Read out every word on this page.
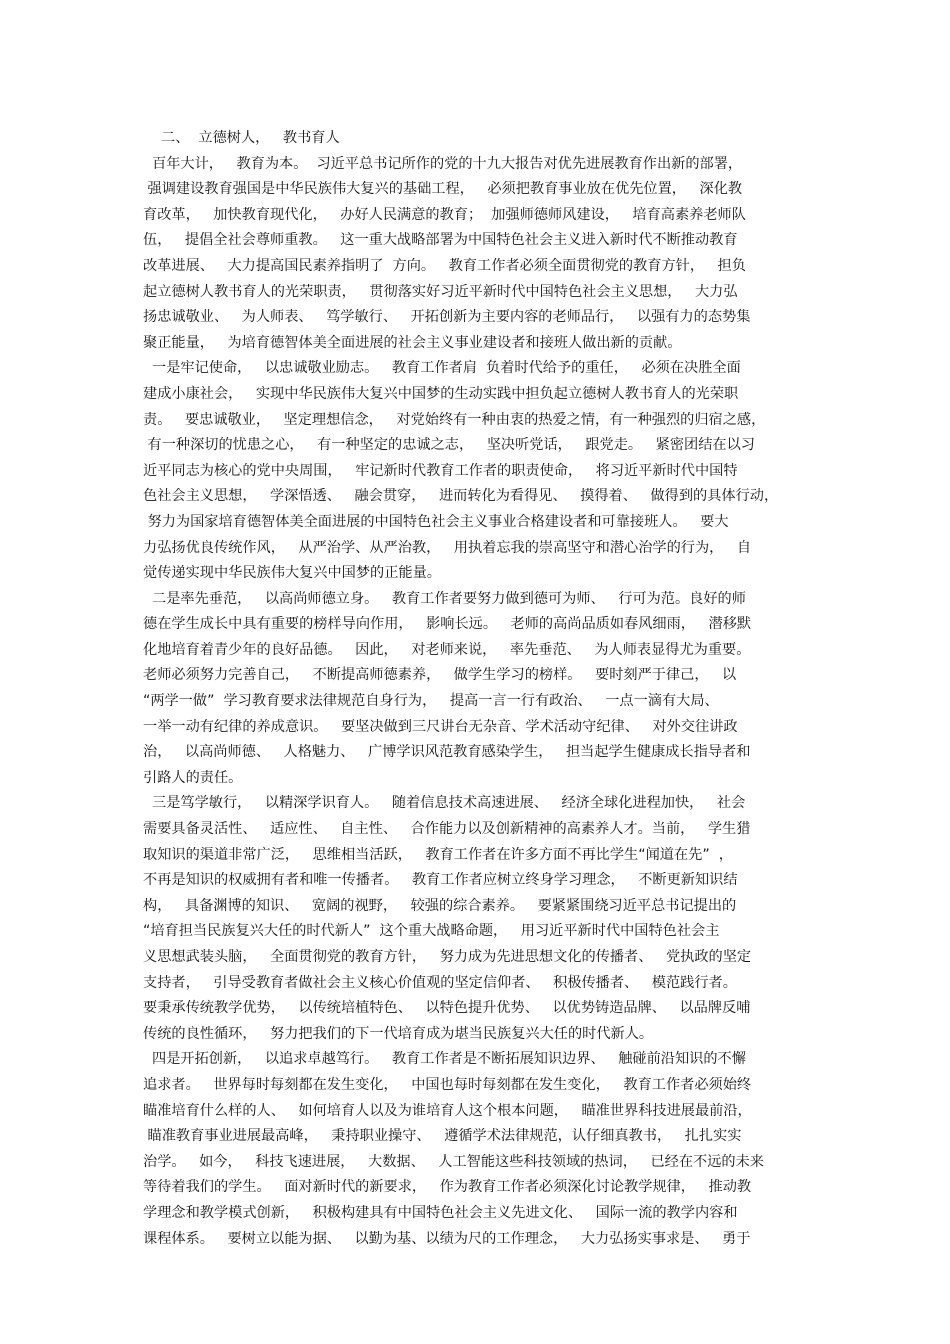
二、  立德树人，   教书育人
百年大计，   教育为本。  习近平总书记所作的党的十九大报告对优先进展教育作出新的部署，
强调建设教育强国是中华民族伟大复兴的基础工程，   必须把教育事业放在优先位置，   深化教
育改革，   加快教育现代化，   办好人民满意的教育；  加强师德师风建设，   培育高素养老师队
伍，   提倡全社会尊师重教。   这一重大战略部署为中国特色社会主义进入新时代不断推动教育
改革进展、   大力提高国民素养指明了  方向。   教育工作者必须全面贯彻党的教育方针，   担负
起立德树人教书育人的光荣职责，   贯彻落实好习近平新时代中国特色社会主义思想，   大力弘
扬忠诚敬业、   为人师表、   笃学敏行、   开拓创新为主要内容的老师品行，   以强有力的态势集
聚正能量，   为培育德智体美全面进展的社会主义事业建设者和接班人做出新的贡献。
一是牢记使命，   以忠诚敬业励志。   教育工作者肩  负着时代给予的重任，   必须在决胜全面
建成小康社会，   实现中华民族伟大复兴中国梦的生动实践中担负起立德树人教书育人的光荣职
责。   要忠诚敬业，   坚定理想信念，   对党始终有一种由衷的热爱之情，有一种强烈的归宿之感，
有一种深切的忧患之心，   有一种坚定的忠诚之志，   坚决听党话，   跟党走。   紧密团结在以习
近平同志为核心的党中央周围，   牢记新时代教育工作者的职责使命，   将习近平新时代中国特
色社会主义思想，   学深悟透、   融会贯穿，   进而转化为看得见、   摸得着、   做得到的具体行动，
努力为国家培育德智体美全面进展的中国特色社会主义事业合格建设者和可靠接班人。   要大
力弘扬优良传统作风，   从严治学、从严治教，   用执着忘我的崇高坚守和潜心治学的行为，   自
觉传递实现中华民族伟大复兴中国梦的正能量。
二是率先垂范，   以高尚师德立身。   教育工作者要努力做到德可为师、   行可为范。良好的师
德在学生成长中具有重要的榜样导向作用，   影响长远。   老师的高尚品质如春风细雨，   潜移默
化地培育着青少年的良好品德。   因此，   对老师来说，   率先垂范、   为人师表显得尤为重要。
老师必须努力完善自己，   不断提高师德素养，   做学生学习的榜样。   要时刻严于律己，   以
“两学一做”  学习教育要求法律规范自身行为，   提高一言一行有政治、   一点一滴有大局、
一举一动有纪律的养成意识。   要坚决做到三尺讲台无杂音、学术活动守纪律、   对外交往讲政
治，   以高尚师德、   人格魅力、   广博学识风范教育感染学生，   担当起学生健康成长指导者和
引路人的责任。
三是笃学敏行，   以精深学识育人。   随着信息技术高速进展、   经济全球化进程加快，   社会
需要具备灵活性、   适应性、   自主性、   合作能力以及创新精神的高素养人才。当前，   学生猎
取知识的渠道非常广泛，   思维相当活跃，   教育工作者在许多方面不再比学生“闻道在先”  ，
不再是知识的权威拥有者和唯一传播者。   教育工作者应树立终身学习理念，   不断更新知识结
构，   具备渊博的知识、   宽阔的视野，   较强的综合素养。   要紧紧围绕习近平总书记提出的
“培育担当民族复兴大任的时代新人”  这个重大战略命题，   用习近平新时代中国特色社会主
义思想武装头脑，   全面贯彻党的教育方针，   努力成为先进思想文化的传播者、   党执政的坚定
支持者，   引导受教育者做社会主义核心价值观的坚定信仰者、   积极传播者、   模范践行者。
要秉承传统教学优势，   以传统培植特色、   以特色提升优势、   以优势铸造品牌、   以品牌反哺
传统的良性循环，   努力把我们的下一代培育成为堪当民族复兴大任的时代新人。
四是开拓创新，   以追求卓越笃行。   教育工作者是不断拓展知识边界、   触碰前沿知识的不懈
追求者。   世界每时每刻都在发生变化，   中国也每时每刻都在发生变化，   教育工作者必须始终
瞄准培育什么样的人、   如何培育人以及为谁培育人这个根本问题，   瞄准世界科技进展最前沿，
瞄准教育事业进展最高峰，   秉持职业操守、   遵循学术法律规范，认仔细真教书，   扎扎实实
治学。   如今，   科技飞速进展，   大数据、   人工智能这些科技领域的热词，   已经在不远的未来
等待着我们的学生。   面对新时代的新要求，   作为教育工作者必须深化讨论教学规律，   推动教
学理念和教学模式创新，   积极构建具有中国特色社会主义先进文化、   国际一流的教学内容和
课程体系。   要树立以能为据、   以勤为基、以绩为尺的工作理念，   大力弘扬实事求是、   勇于
